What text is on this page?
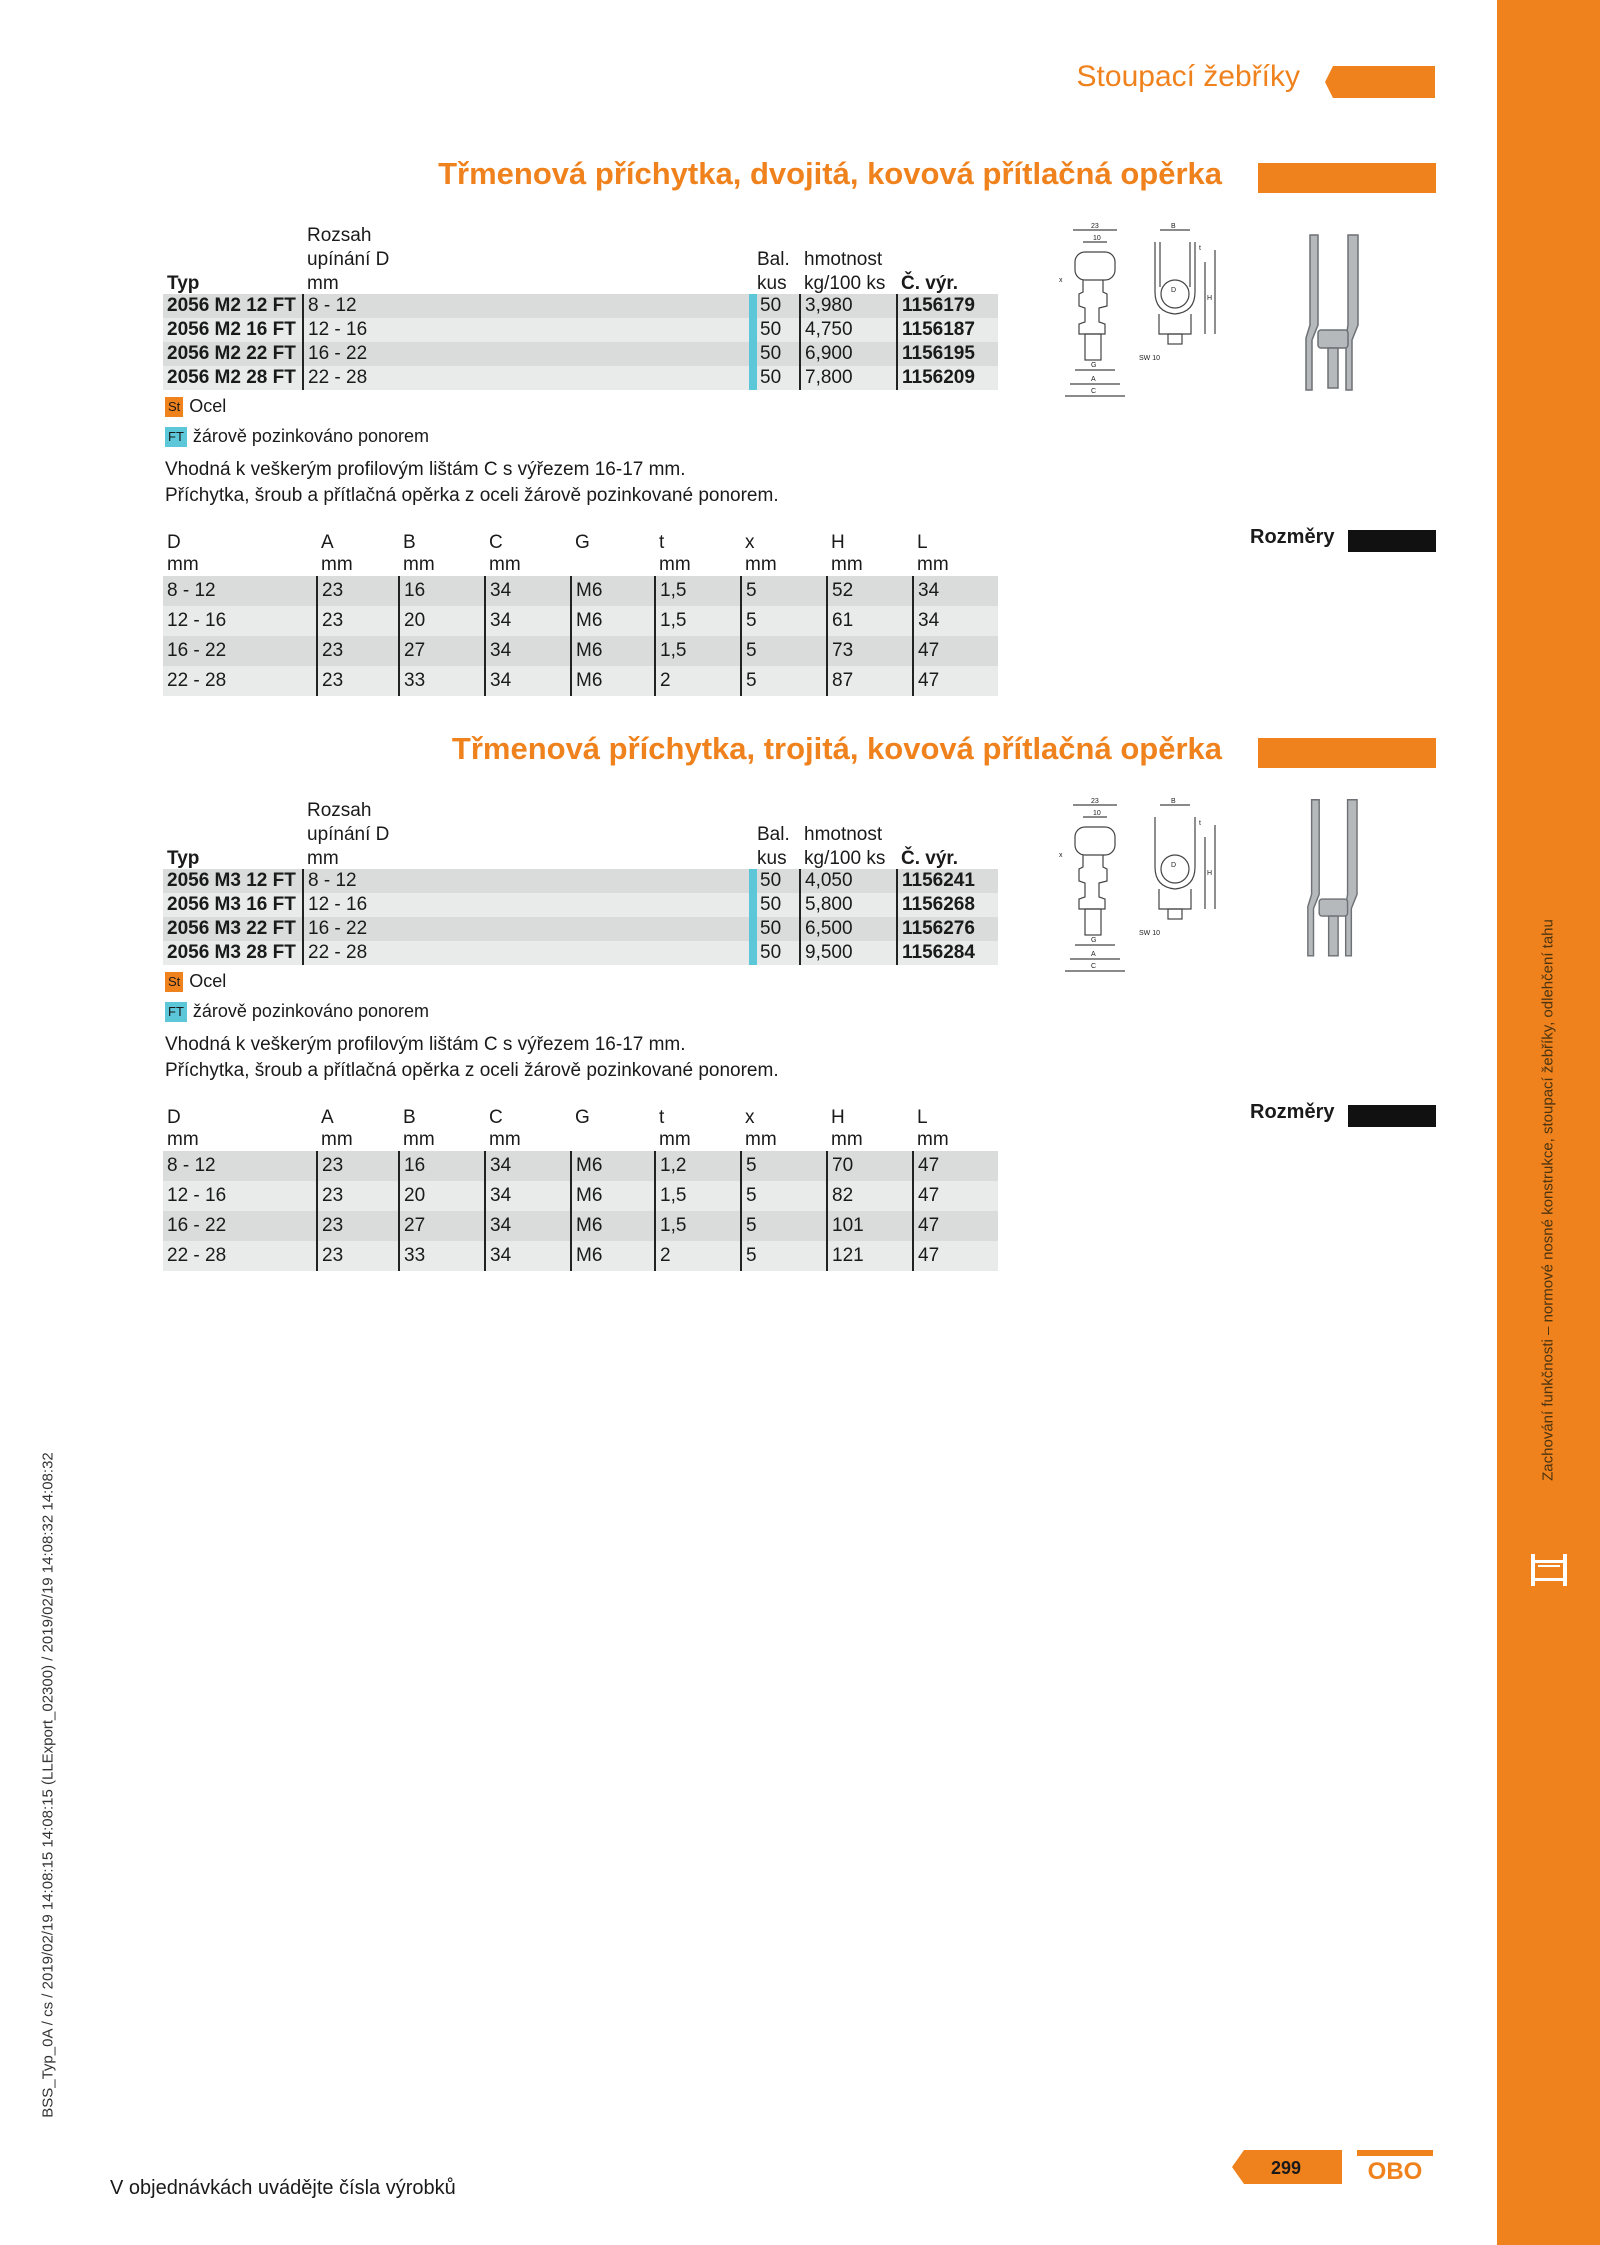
Zachování funkčnosti – normové nosné konstrukce, stoupací žebříky, odlehčení tahu
Stoupací žebříky
Třmenová příchytka, dvojitá, kovová přítlačná opěrka
	Rozsah			
	upínání D	Bal.	hmotnost	
Typ	mm	kus	kg/100 ks	Č. výr.
2056 M2 12 FT	8 - 12	50	3,980	1156179
2056 M2 16 FT	12 - 16	50	4,750	1156187
2056 M2 22 FT	16 - 22	50	6,900	1156195
2056 M2 28 FT	22 - 28	50	7,800	1156209
23
10
B
t
H
D
SW 10
G
A
C
x
St Ocel
FT žárově pozinkováno ponorem
Vhodná k veškerým profilovým lištám C s výřezem 16-17 mm.
Příchytka, šroub a přítlačná opěrka z oceli žárově pozinkované ponorem.
Rozměry
D	A	B	C	G	t	x	H	L
mm	mm	mm	mm		mm	mm	mm	mm
8 - 12	23	16	34	M6	1,5	5	52	34
12 - 16	23	20	34	M6	1,5	5	61	34
16 - 22	23	27	34	M6	1,5	5	73	47
22 - 28	23	33	34	M6	2	5	87	47
Třmenová příchytka, trojitá, kovová přítlačná opěrka
	Rozsah			
	upínání D	Bal.	hmotnost	
Typ	mm	kus	kg/100 ks	Č. výr.
2056 M3 12 FT	8 - 12	50	4,050	1156241
2056 M3 16 FT	12 - 16	50	5,800	1156268
2056 M3 22 FT	16 - 22	50	6,500	1156276
2056 M3 28 FT	22 - 28	50	9,500	1156284
23
10
B
t
H
D
SW 10
G
A
C
x
St Ocel
FT žárově pozinkováno ponorem
Vhodná k veškerým profilovým lištám C s výřezem 16-17 mm.
Příchytka, šroub a přítlačná opěrka z oceli žárově pozinkované ponorem.
Rozměry
D	A	B	C	G	t	x	H	L
mm	mm	mm	mm		mm	mm	mm	mm
8 - 12	23	16	34	M6	1,2	5	70	47
12 - 16	23	20	34	M6	1,5	5	82	47
16 - 22	23	27	34	M6	1,5	5	101	47
22 - 28	23	33	34	M6	2	5	121	47
BSS_Typ_0A / cs / 2019/02/19 14:08:15 14:08:15 (LLExport_02300) / 2019/02/19 14:08:32 14:08:32
V objednávkách uvádějte čísla výrobků
299	OBO
